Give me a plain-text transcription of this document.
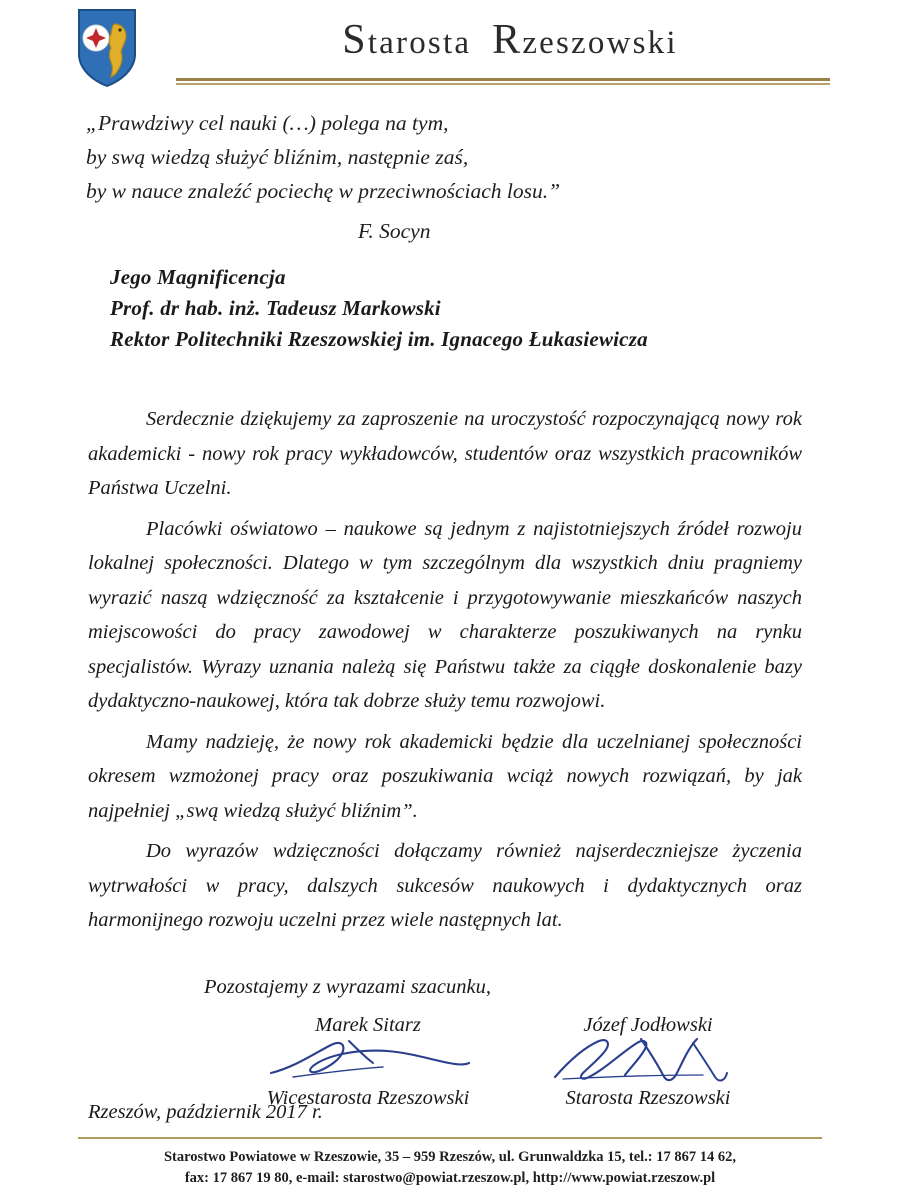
Starosta Rzeszowski
„Prawdziwy cel nauki (…) polega na tym,
by swą wiedzą służyć bliźnim, następnie zaś,
by w nauce znaleźć pociechę w przeciwnościach losu.”
F. Socyn
Jego Magnificencja
Prof. dr hab. inż. Tadeusz Markowski
Rektor Politechniki Rzeszowskiej im. Ignacego Łukasiewicza

Serdecznie dziękujemy za zaproszenie na uroczystość rozpoczynającą nowy rok akademicki - nowy rok pracy wykładowców, studentów oraz wszystkich pracowników Państwa Uczelni.

Placówki oświatowo – naukowe są jednym z najistotniejszych źródeł rozwoju lokalnej społeczności. Dlatego w tym szczególnym dla wszystkich dniu pragniemy wyrazić naszą wdzięczność za kształcenie i przygotowywanie mieszkańców naszych miejscowości do pracy zawodowej w charakterze poszukiwanych na rynku specjalistów. Wyrazy uznania należą się Państwu także za ciągłe doskonalenie bazy dydaktyczno-naukowej, która tak dobrze służy temu rozwojowi.

Mamy nadzieję, że nowy rok akademicki będzie dla uczelnianej społeczności okresem wzmożonej pracy oraz poszukiwania wciąż nowych rozwiązań, by jak najpełniej „swą wiedzą służyć bliźnim”.

Do wyrazów wdzięczności dołączamy również najserdeczniejsze życzenia wytrwałości w pracy, dalszych sukcesów naukowych i dydaktycznych oraz harmonijnego rozwoju uczelni przez wiele następnych lat.

Pozostajemy z wyrazami szacunku,
Marek Sitarz
Wicestarosta Rzeszowski
Józef Jodłowski
Starosta Rzeszowski
Rzeszów, październik 2017 r.
Starostwo Powiatowe w Rzeszowie, 35 – 959 Rzeszów, ul. Grunwaldzka 15, tel.: 17 867 14 62,
fax: 17 867 19 80, e-mail: starostwo@powiat.rzeszow.pl, http://www.powiat.rzeszow.pl
